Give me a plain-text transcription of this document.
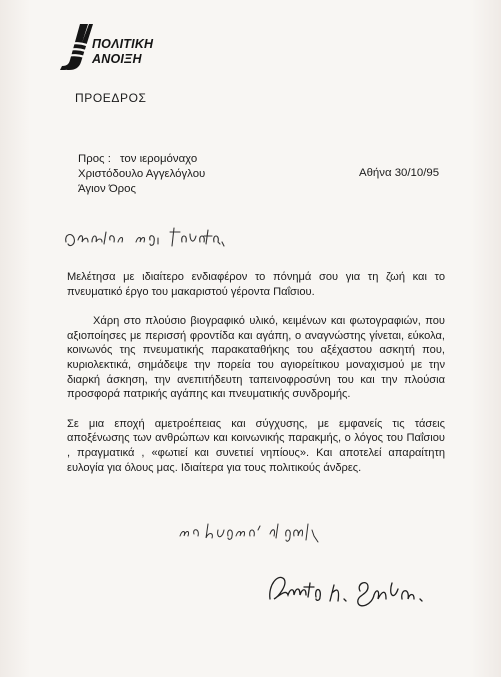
ΠΟΛΙΤΙΚΗ
ΑΝΟΙΞΗ
ΠΡΟΕΔΡΟΣ
Προς : τον ιερομόναχο
Χριστόδουλο Αγγελόγλου
Άγιον Όρος
Αθήνα 30/10/95
Σεβαστέ μου Γέροντα,

Μελέτησα με ιδιαίτερο ενδιαφέρον το πόνημά σου για τη ζωή και το πνευματικό έργο του μακαριστού γέροντα Παΐσιου.

Χάρη στο πλούσιο βιογραφικό υλικό, κειμένων και φωτογραφιών, που αξιοποίησες με περισσή φροντίδα και αγάπη, ο αναγνώστης γίνεται, εύκολα, κοινωνός της πνευματικής παρακαταθήκης του αξέχαστου ασκητή που, κυριολεκτικά, σημάδεψε την πορεία του αγιορείτικου μοναχισμού με την διαρκή άσκηση, την ανεπιτήδευτη ταπεινοφροσύνη του και την πλούσια προσφορά πατρικής αγάπης και πνευματικής συνδρομής.

Σε μια εποχή αμετροέπειας και σύγχυσης, με εμφανείς τις τάσεις αποξένωσης των ανθρώπων και κοινωνικής παρακμής, ο λόγος του Παΐσιου , πραγματικά , «φωτιεί και συνετιεί νηπίους». Και αποτελεί απαραίτητη ευλογία για όλους μας. Ιδιαίτερα για τους πολιτικούς άνδρες.

με σεβασμό κι αγάπη,
Αντώνης Κ. Σαμαράς
